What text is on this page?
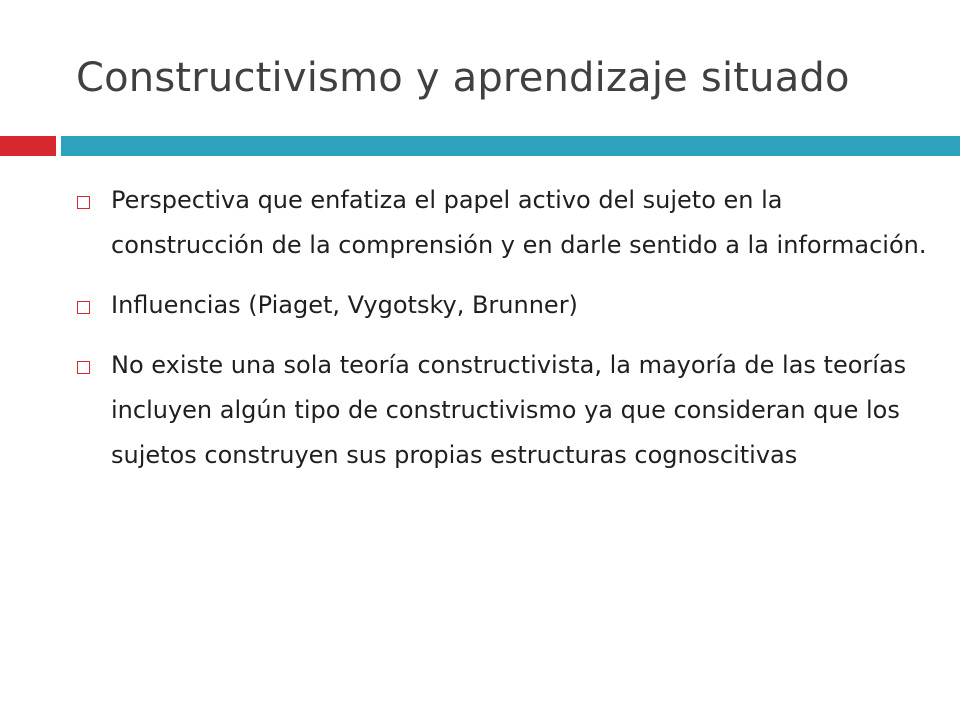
Constructivismo y aprendizaje situado
Perspectiva que enfatiza el papel activo del sujeto en la construcción de la comprensión y en darle sentido a la información.
Influencias (Piaget, Vygotsky, Brunner)
No existe una sola teoría constructivista, la mayoría de las teorías incluyen algún tipo de constructivismo ya que consideran que los sujetos construyen sus propias estructuras cognoscitivas
